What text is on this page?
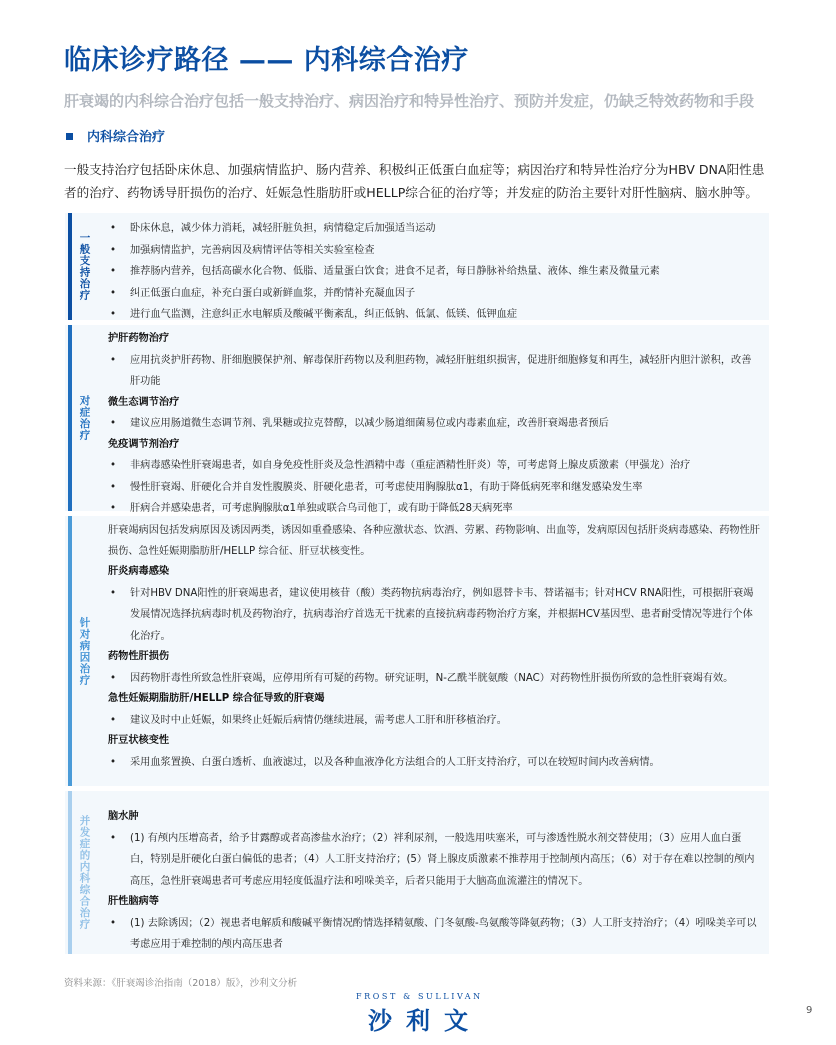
临床诊疗路径 —— 内科综合治疗
肝衰竭的内科综合治疗包括一般支持治疗、病因治疗和特异性治疗、预防并发症，仍缺乏特效药物和手段
内科综合治疗
一般支持治疗包括卧床休息、加强病情监护、肠内营养、积极纠正低蛋白血症等；病因治疗和特异性治疗分为HBV DNA阳性患者的治疗、药物诱导肝损伤的治疗、妊娠急性脂肪肝或HELLP综合征的治疗等；并发症的防治主要针对肝性脑病、脑水肿等。
一般支持治疗
• 卧床休息，减少体力消耗，减轻肝脏负担，病情稳定后加强适当运动
• 加强病情监护，完善病因及病情评估等相关实验室检查
• 推荐肠内营养，包括高碳水化合物、低脂、适量蛋白饮食；进食不足者，每日静脉补给热量、液体、维生素及微量元素
• 纠正低蛋白血症，补充白蛋白或新鲜血浆，并酌情补充凝血因子
• 进行血气监测，注意纠正水电解质及酸碱平衡紊乱，纠正低钠、低氯、低镁、低钾血症
对症治疗
护肝药物治疗
• 应用抗炎护肝药物、肝细胞膜保护剂、解毒保肝药物以及利胆药物，减轻肝脏组织损害，促进肝细胞修复和再生，减轻肝内胆汁淤积，改善肝功能
微生态调节治疗
• 建议应用肠道微生态调节剂、乳果糖或拉克替醇，以减少肠道细菌易位或内毒素血症，改善肝衰竭患者预后
免疫调节剂治疗
• 非病毒感染性肝衰竭患者，如自身免疫性肝炎及急性酒精中毒（重症酒精性肝炎）等，可考虑肾上腺皮质激素（甲强龙）治疗
• 慢性肝衰竭、肝硬化合并自发性腹膜炎、肝硬化患者，可考虑使用胸腺肽α1，有助于降低病死率和继发感染发生率
• 肝病合并感染患者，可考虑胸腺肽α1单独或联合乌司他丁，或有助于降低28天病死率
针对病因治疗
肝衰竭病因包括发病原因及诱因两类，诱因如重叠感染、各种应激状态、饮酒、劳累、药物影响、出血等，发病原因包括肝炎病毒感染、药物性肝损伤、急性妊娠期脂肪肝/HELLP 综合征、肝豆状核变性。
肝炎病毒感染
• 针对HBV DNA阳性的肝衰竭患者，建议使用核苷（酸）类药物抗病毒治疗，例如恩替卡韦、替诺福韦；针对HCV RNA阳性，可根据肝衰竭发展情况选择抗病毒时机及药物治疗，抗病毒治疗首选无干扰素的直接抗病毒药物治疗方案，并根据HCV基因型、患者耐受情况等进行个体化治疗。
药物性肝损伤
• 因药物肝毒性所致急性肝衰竭，应停用所有可疑的药物。研究证明，N-乙酰半胱氨酸（NAC）对药物性肝损伤所致的急性肝衰竭有效。
急性妊娠期脂肪肝/HELLP 综合征导致的肝衰竭
• 建议及时中止妊娠，如果终止妊娠后病情仍继续进展，需考虑人工肝和肝移植治疗。
肝豆状核变性
• 采用血浆置换、白蛋白透析、血液滤过，以及各种血液净化方法组合的人工肝支持治疗，可以在较短时间内改善病情。
并发症的内科综合治疗 脑水肿
• (1) 有颅内压增高者，给予甘露醇或者高渗盐水治疗；（2）袢利尿剂，一般选用呋塞米，可与渗透性脱水剂交替使用；（3）应用人血白蛋白，特别是肝硬化白蛋白偏低的患者；（4）人工肝支持治疗；(5）肾上腺皮质激素不推荐用于控制颅内高压；（6）对于存在难以控制的颅内高压，急性肝衰竭患者可考虑应用轻度低温疗法和吲哚美辛，后者只能用于大脑高血流灌注的情况下。
肝性脑病等
• (1) 去除诱因；（2）视患者电解质和酸碱平衡情况酌情选择精氨酸、门冬氨酸-鸟氨酸等降氨药物；（3）人工肝支持治疗；（4）吲哚美辛可以考虑应用于难控制的颅内高压患者
资料来源：《肝衰竭诊治指南（2018）版》，沙利文分析
FROST & SULLIVAN
沙利文	9
